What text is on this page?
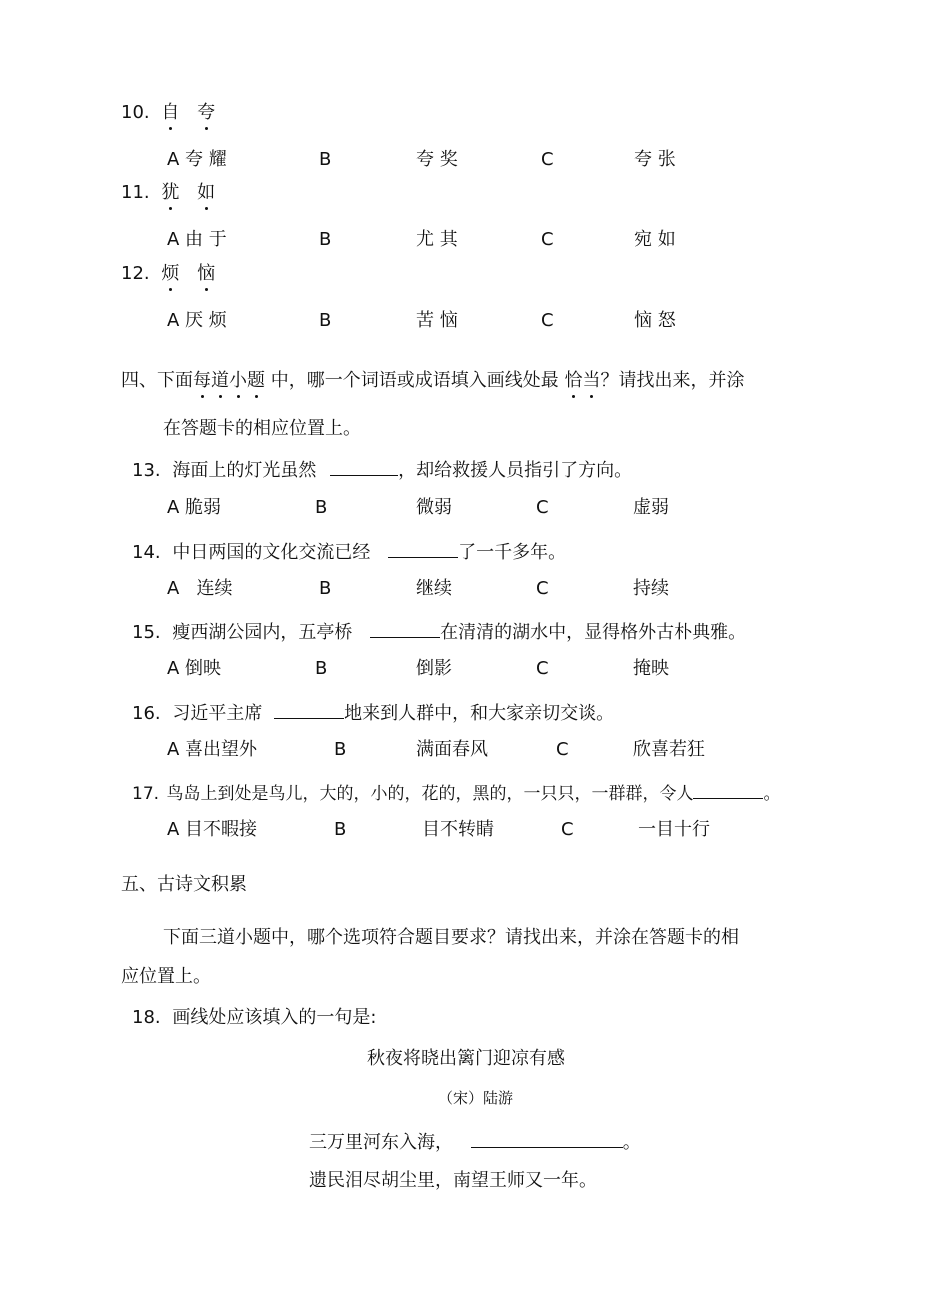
10. 自 夸
A 夸 耀	B	夸 奖	C	夸 张
11. 犹 如
A 由 于	B	尤 其	C	宛 如
12. 烦 恼
A 厌 烦	B	苦 恼	C	恼 怒
四、下面每道小题 中，哪一个词语或成语填入画线处最 恰当？请找出来，并涂
在答题卡的相应位置上。
13. 海面上的灯光虽然	，却给救援人员指引了方向。
A 脆弱	B	微弱	C	虚弱
14. 中日两国的文化交流已经	了一千多年。
A   连续	B	继续	C	持续
15. 瘦西湖公园内，五亭桥	在清清的湖水中，显得格外古朴典雅。
A 倒映	B	倒影	C	掩映
16. 习近平主席	地来到人群中，和大家亲切交谈。
A 喜出望外	B	满面春风	C	欣喜若狂
17. 鸟岛上到处是鸟儿，大的，小的，花的，黑的，一只只，一群群，令人	。
A 目不暇接	B	目不转睛	C	一目十行
五、古诗文积累
下面三道小题中，哪个选项符合题目要求？请找出来，并涂在答题卡的相
应位置上。
18. 画线处应该填入的一句是:
秋夜将晓出篱门迎凉有感
（宋）陆游
三万里河东入海，	。
遗民泪尽胡尘里，南望王师又一年。
